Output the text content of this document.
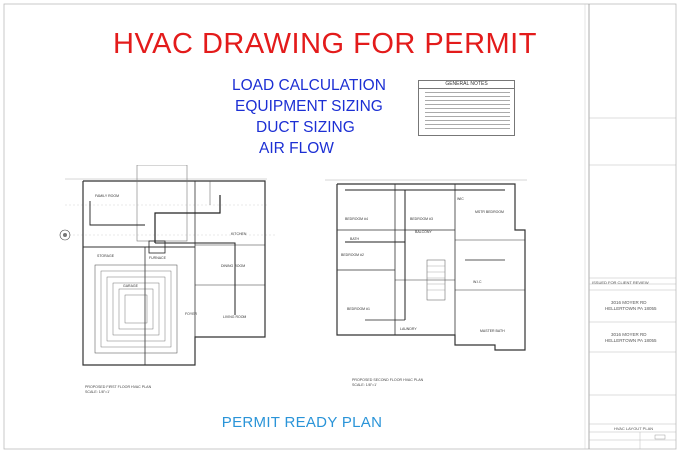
HVAC DRAWING FOR PERMIT
LOAD CALCULATION
EQUIPMENT SIZING
DUCT SIZING
AIR FLOW
GENERAL NOTES
FAMILY ROOM
KITCHEN
STORAGE
GARAGE
FURNACE
DINING ROOM
LIVING ROOM
FOYER
PROPOSED FIRST FLOOR HVAC PLAN
SCALE: 1/8"=1'
BEDROOM #4	BEDROOM #3
WIC
MSTR BEDROOM
BALCONY
BATH
BEDROOM #2
MASTER BATH
LAUNDRY
BEDROOM #1
W.I.C
PROPOSED SECOND FLOOR HVAC PLAN
SCALE: 1/8"=1'
PERMIT READY PLAN
ISSUED FOR CLIENT REVIEW
3016 MOYER RD
HELLERTOWN PA 18055
3016 MOYER RD
HELLERTOWN PA 18055
HVAC LAYOUT PLAN
